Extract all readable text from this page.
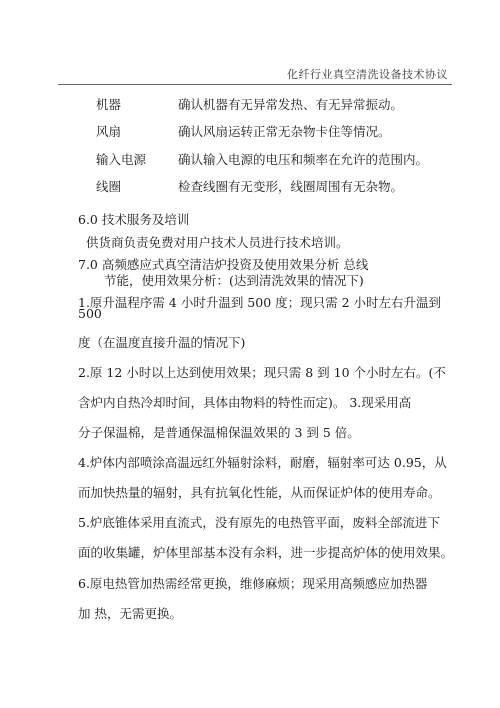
化纤行业真空清洗设备技术协议
机器	确认机器有无异常发热、有无异常振动。
风扇	确认风扇运转正常无杂物卡住等情况。
输入电源	确认输入电源的电压和频率在允许的范围内。
线圈	检查线圈有无变形，线圈周围有无杂物。
6.0 技术服务及培训
供货商负责免费对用户技术人员进行技术培训。
7.0 高频感应式真空清洁炉投资及使用效果分析 总线
节能，使用效果分析：(达到清洗效果的情况下)
1.原升温程序需 4 小时升温到 500 度；现只需 2 小时左右升温到
500
度（在温度直接升温的情况下)
2.原 12 小时以上达到使用效果；现只需 8 到 10 个小时左右。(不
含炉内自热冷却时间，具体由物料的特性而定)。 3.现采用高
分子保温棉，是普通保温棉保温效果的 3 到 5 倍。
4.炉体内部喷涂高温远红外辐射涂料，耐磨，辐射率可达 0.95，从
而加快热量的辐射，具有抗氧化性能，从而保证炉体的使用寿命。
5.炉底锥体采用直流式，没有原先的电热管平面，废料全部流进下
面的收集罐，炉体里部基本没有余料，进一步提高炉体的使用效果。
6.原电热管加热需经常更换，维修麻烦；现采用高频感应加热器
加 热，无需更换。
